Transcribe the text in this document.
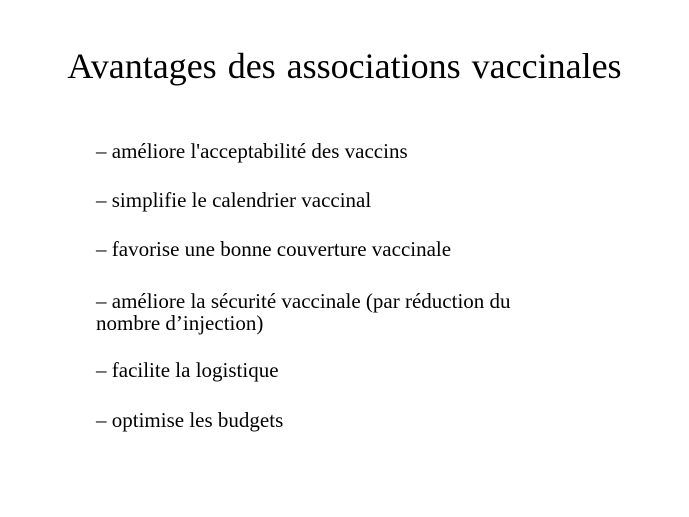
Avantages des associations vaccinales
– améliore l'acceptabilité des vaccins
– simplifie le calendrier vaccinal
– favorise une bonne couverture vaccinale
– améliore la sécurité vaccinale (par réduction du nombre d’injection)
– facilite la logistique
– optimise les budgets
